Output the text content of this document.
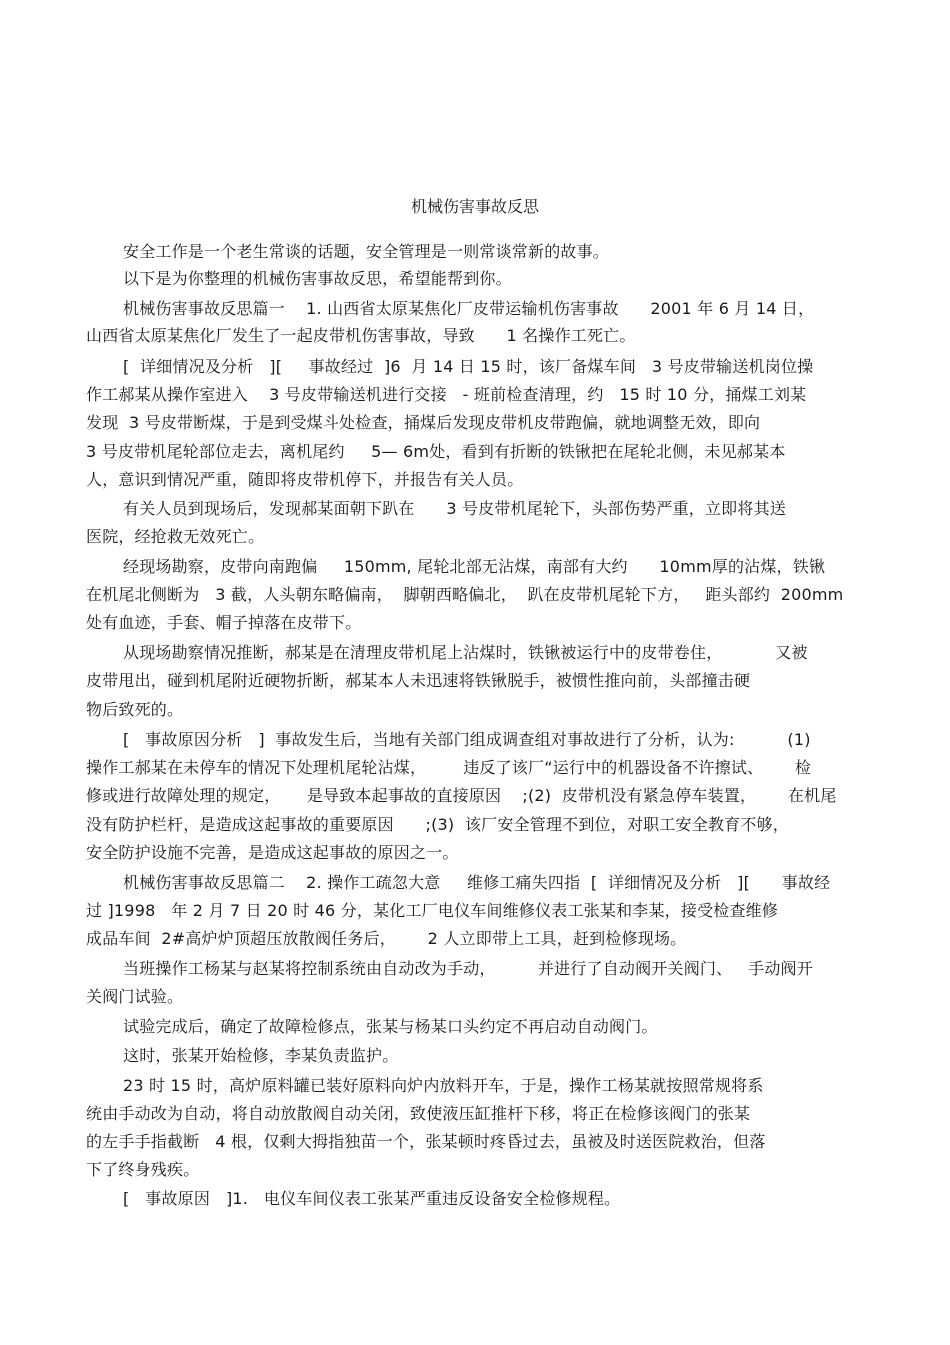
机械伤害事故反思
安全工作是一个老生常谈的话题，安全管理是一则常谈常新的故事。
以下是为你整理的机械伤害事故反思，希望能帮到你。
机械伤害事故反思篇一    1. 山西省太原某焦化厂皮带运输机伤害事故      2001 年 6 月 14 日，
山西省太原某焦化厂发生了一起皮带机伤害事故，导致      1 名操作工死亡。
[  详细情况及分析   ][     事故经过  ]6  月 14 日 15 时，该厂备煤车间   3 号皮带输送机岗位操
作工郝某从操作室进入    3 号皮带输送机进行交接   - 班前检查清理，约   15 时 10 分，捅煤工刘某
发现  3 号皮带断煤，于是到受煤斗处检查，捅煤后发现皮带机皮带跑偏，就地调整无效，即向
3 号皮带机尾轮部位走去，离机尾约     5— 6m处，看到有折断的铁锹把在尾轮北侧，未见郝某本
人，意识到情况严重，随即将皮带机停下，并报告有关人员。
有关人员到现场后，发现郝某面朝下趴在      3 号皮带机尾轮下，头部伤势严重，立即将其送
医院，经抢救无效死亡。
经现场勘察，皮带向南跑偏     150mm, 尾轮北部无沾煤，南部有大约      10mm厚的沾煤，铁锹
在机尾北侧断为   3 截，人头朝东略偏南，  脚朝西略偏北，  趴在皮带机尾轮下方，   距头部约  200mm
处有血迹，手套、帽子掉落在皮带下。
从现场勘察情况推断，郝某是在清理皮带机尾上沾煤时，铁锹被运行中的皮带卷住，          又被
皮带甩出，碰到机尾附近硬物折断，郝某本人未迅速将铁锹脱手，被惯性推向前，头部撞击硬
物后致死的。
[   事故原因分析   ]  事故发生后，当地有关部门组成调查组对事故进行了分析，认为:          (1)
操作工郝某在未停车的情况下处理机尾轮沾煤，       违反了该厂“运行中的机器设备不许擦试、      检
修或进行故障处理的规定，     是导致本起事故的直接原因    ;(2)  皮带机没有紧急停车装置，      在机尾
没有防护栏杆，是造成这起事故的重要原因      ;(3)  该厂安全管理不到位，对职工安全教育不够，
安全防护设施不完善，是造成这起事故的原因之一。
机械伤害事故反思篇二    2. 操作工疏忽大意     维修工痛失四指  [  详细情况及分析   ][      事故经
过 ]1998   年 2 月 7 日 20 时 46 分，某化工厂电仪车间维修仪表工张某和李某，接受检查维修
成品车间  2#高炉炉顶超压放散阀任务后，      2 人立即带上工具，赶到检修现场。
当班操作工杨某与赵某将控制系统由自动改为手动，        并进行了自动阀开关阀门、   手动阀开
关阀门试验。
试验完成后，确定了故障检修点，张某与杨某口头约定不再启动自动阀门。
这时，张某开始检修，李某负责监护。
23 时 15 时，高炉原料罐已装好原料向炉内放料开车，于是，操作工杨某就按照常规将系
统由手动改为自动，将自动放散阀自动关闭，致使液压缸推杆下移，将正在检修该阀门的张某
的左手手指截断   4 根，仅剩大拇指独苗一个，张某顿时疼昏过去，虽被及时送医院救治，但落
下了终身残疾。
[   事故原因   ]1.   电仪车间仪表工张某严重违反设备安全检修规程。
